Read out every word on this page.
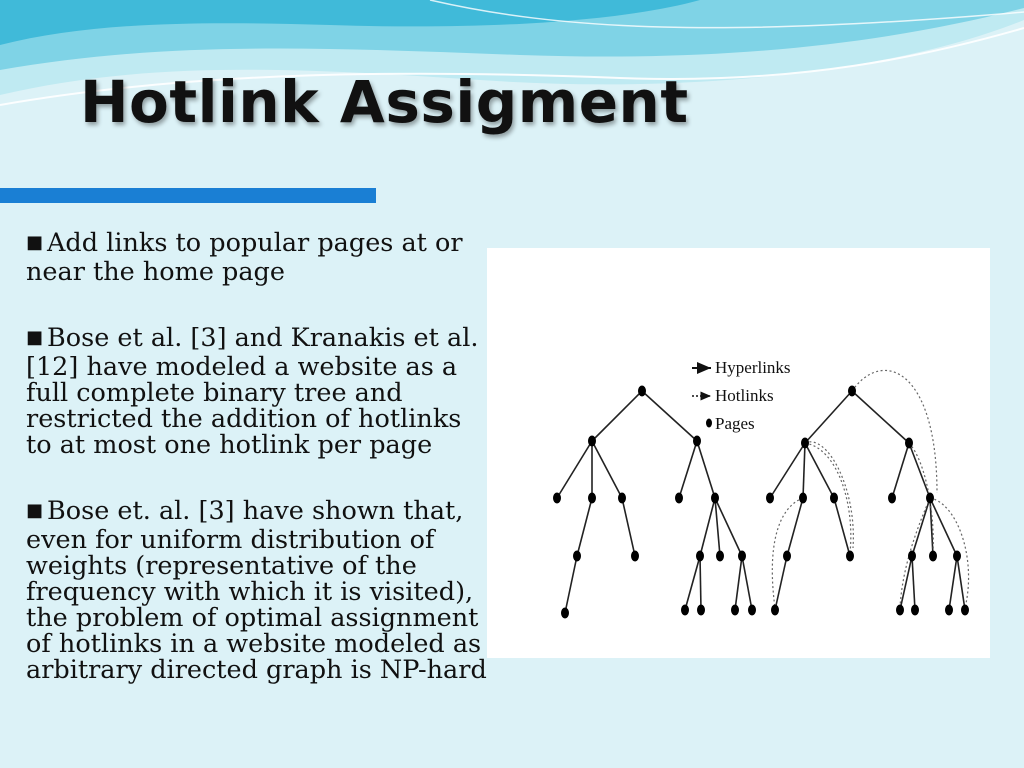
Hotlink Assigment

■ Add links to popular pages at or near the home page

■ Bose et al. [3] and Kranakis et al. [12] have modeled a website as a full complete binary tree and restricted the addition of hotlinks to at most one hotlink per page

■ Bose et. al. [3] have shown that, even for uniform distribution of weights (representative of the frequency with which it is visited), the problem of optimal assignment of hotlinks in a website modeled as arbitrary directed graph is NP-hard

Hyperlinks
Hotlinks
Pages
